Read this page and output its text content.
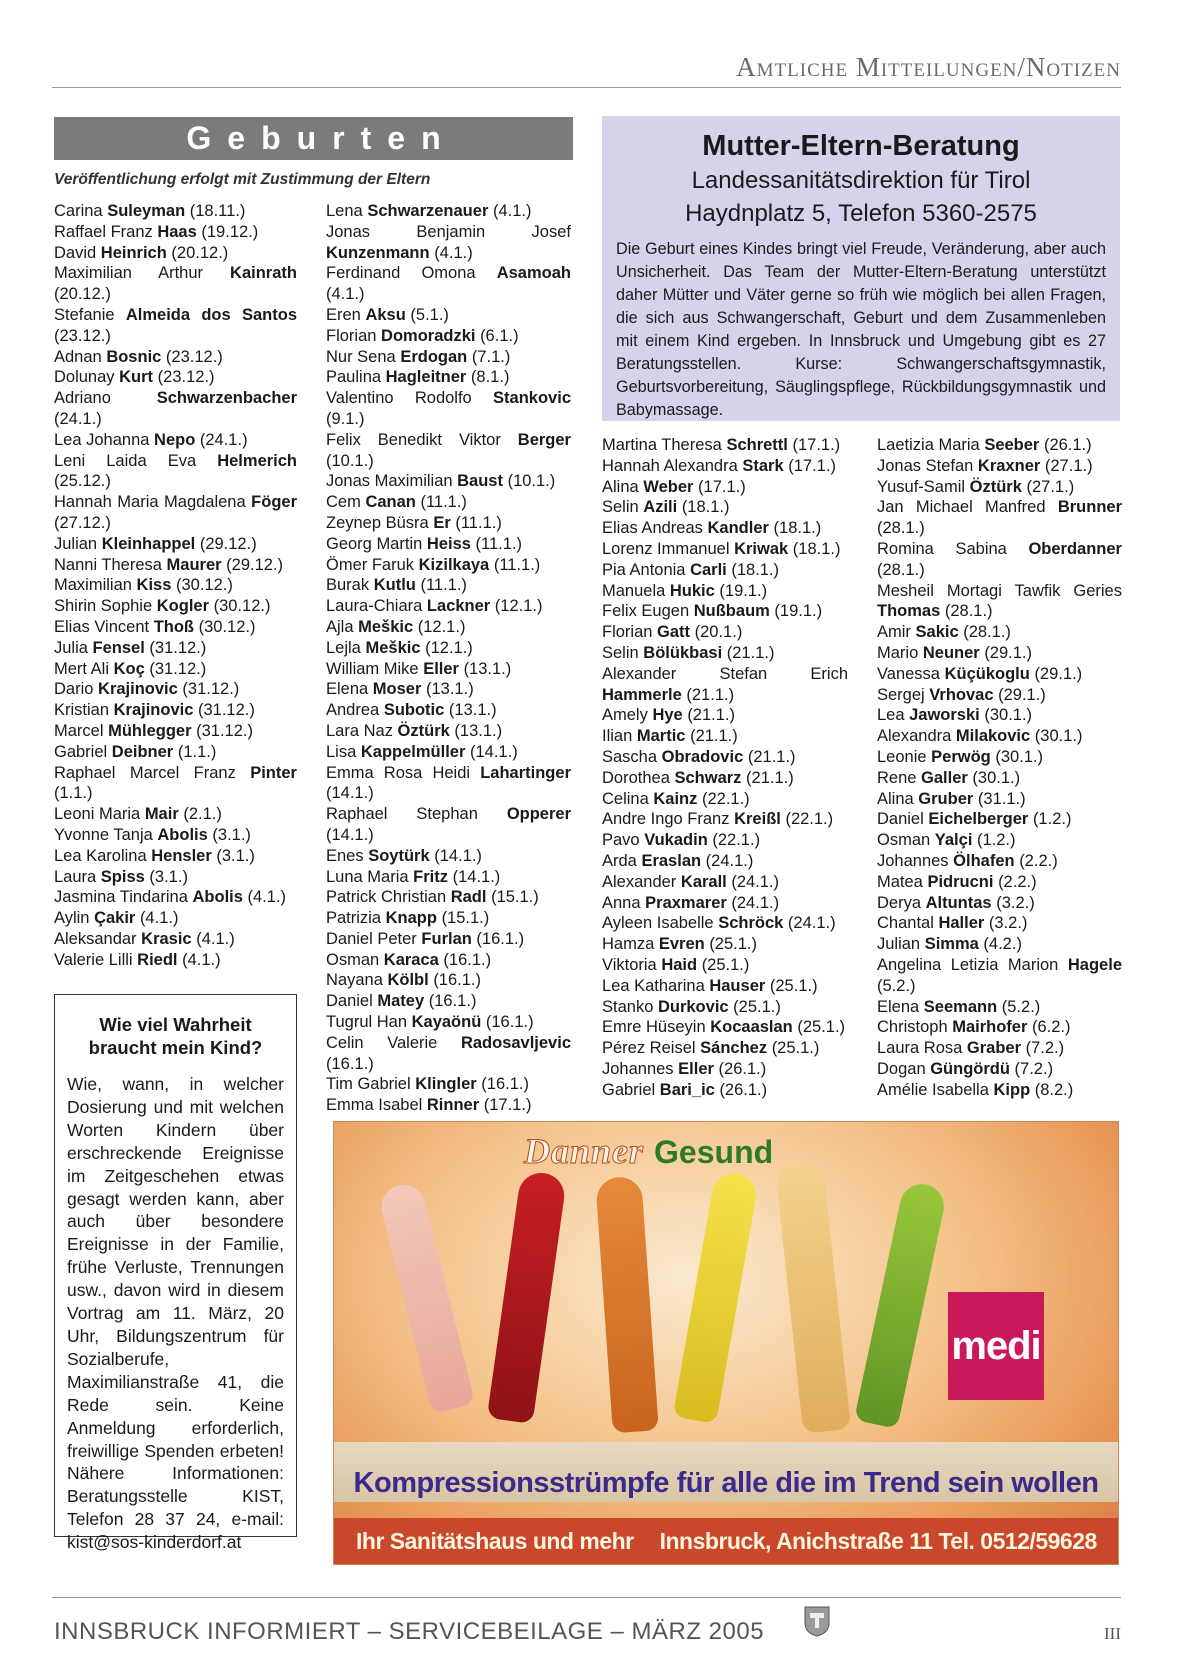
Amtliche Mitteilungen/Notizen
Geburten
Veröffentlichung erfolgt mit Zustimmung der Eltern
Carina Suleyman (18.11.)
Raffael Franz Haas (19.12.)
David Heinrich (20.12.)
Maximilian Arthur Kainrath (20.12.)
Stefanie Almeida dos Santos (23.12.)
Adnan Bosnic (23.12.)
Dolunay Kurt (23.12.)
Adriano	Schwarzenbacher (24.1.)
Lea Johanna Nepo (24.1.)
Leni Laida Eva Helmerich (25.12.)
Hannah Maria Magdalena Föger (27.12.)
Julian Kleinhappel (29.12.)
Nanni Theresa Maurer (29.12.)
Maximilian Kiss (30.12.)
Shirin Sophie Kogler (30.12.)
Elias Vincent Thoß (30.12.)
Julia Fensel (31.12.)
Mert Ali Koç (31.12.)
Dario Krajinovic (31.12.)
Kristian Krajinovic (31.12.)
Marcel Mühlegger (31.12.)
Gabriel Deibner (1.1.)
Raphael Marcel Franz Pinter (1.1.)
Leoni Maria Mair (2.1.)
Yvonne Tanja Abolis (3.1.)
Lea Karolina Hensler (3.1.)
Laura Spiss (3.1.)
Jasmina Tindarina Abolis (4.1.)
Aylin Çakir (4.1.)
Aleksandar Krasic (4.1.)
Valerie Lilli Riedl (4.1.)
Lena Schwarzenauer (4.1.)
Jonas Benjamin Josef Kunzenmann (4.1.)
Ferdinand Omona Asamoah (4.1.)
Eren Aksu (5.1.)
Florian Domoradzki (6.1.)
Nur Sena Erdogan (7.1.)
Paulina Hagleitner (8.1.)
Valentino Rodolfo Stankovic (9.1.)
Felix Benedikt Viktor Berger (10.1.)
Jonas Maximilian Baust (10.1.)
Cem Canan (11.1.)
Zeynep Büsra Er (11.1.)
Georg Martin Heiss (11.1.)
Ömer Faruk Kizilkaya (11.1.)
Burak Kutlu (11.1.)
Laura-Chiara Lackner (12.1.)
Ajla Meškic (12.1.)
Lejla Meškic (12.1.)
William Mike Eller (13.1.)
Elena Moser (13.1.)
Andrea Subotic (13.1.)
Lara Naz Öztürk (13.1.)
Lisa Kappelmüller (14.1.)
Emma Rosa Heidi Lahartinger (14.1.)
Raphael Stephan Opperer (14.1.)
Enes Soytürk (14.1.)
Luna Maria Fritz (14.1.)
Patrick Christian Radl (15.1.)
Patrizia Knapp (15.1.)
Daniel Peter Furlan (16.1.)
Osman Karaca (16.1.)
Nayana Kölbl (16.1.)
Daniel Matey (16.1.)
Tugrul Han Kayaönü (16.1.)
Celin Valerie Radosavljevic (16.1.)
Tim Gabriel Klingler (16.1.)
Emma Isabel Rinner (17.1.)
Martina Theresa Schrettl (17.1.)
Hannah Alexandra Stark (17.1.)
Alina Weber (17.1.)
Selin Azili (18.1.)
Elias Andreas Kandler (18.1.)
Lorenz Immanuel Kriwak (18.1.)
Pia Antonia Carli (18.1.)
Manuela Hukic (19.1.)
Felix Eugen Nußbaum (19.1.)
Florian Gatt (20.1.)
Selin Bölükbasi (21.1.)
Alexander Stefan Erich Hammerle (21.1.)
Amely Hye (21.1.)
Ilian Martic (21.1.)
Sascha Obradovic (21.1.)
Dorothea Schwarz (21.1.)
Celina Kainz (22.1.)
Andre Ingo Franz Kreißl (22.1.)
Pavo Vukadin (22.1.)
Arda Eraslan (24.1.)
Alexander Karall (24.1.)
Anna Praxmarer (24.1.)
Ayleen Isabelle Schröck (24.1.)
Hamza Evren (25.1.)
Viktoria Haid (25.1.)
Lea Katharina Hauser (25.1.)
Stanko Durkovic (25.1.)
Emre Hüseyin Kocaaslan (25.1.)
Pérez Reisel Sánchez (25.1.)
Johannes Eller (26.1.)
Gabriel Bari_ic (26.1.)
Laetizia Maria Seeber (26.1.)
Jonas Stefan Kraxner (27.1.)
Yusuf-Samil Öztürk (27.1.)
Jan Michael Manfred Brunner (28.1.)
Romina Sabina Oberdanner (28.1.)
Mesheil Mortagi Tawfik Geries Thomas (28.1.)
Amir Sakic (28.1.)
Mario Neuner (29.1.)
Vanessa Küçükoglu (29.1.)
Sergej Vrhovac (29.1.)
Lea Jaworski (30.1.)
Alexandra Milakovic (30.1.)
Leonie Perwög (30.1.)
Rene Galler (30.1.)
Alina Gruber (31.1.)
Daniel Eichelberger (1.2.)
Osman Yalçi (1.2.)
Johannes Ölhafen (2.2.)
Matea Pidrucni (2.2.)
Derya Altuntas (3.2.)
Chantal Haller (3.2.)
Julian Simma (4.2.)
Angelina Letizia Marion Hagele (5.2.)
Elena Seemann (5.2.)
Christoph Mairhofer (6.2.)
Laura Rosa Graber (7.2.)
Dogan Güngördü (7.2.)
Amélie Isabella Kipp (8.2.)
Wie viel Wahrheit braucht mein Kind?

Wie, wann, in welcher Dosierung und mit welchen Worten Kindern über erschreckende Ereignisse im Zeitgeschehen etwas gesagt werden kann, aber auch über besondere Ereignisse in der Familie, frühe Verluste, Trennungen usw., davon wird in diesem Vortrag am 11. März, 20 Uhr, Bildungszentrum für Sozialberufe, Maximilianstraße 41, die Rede sein. Keine Anmeldung erforderlich, freiwillige Spenden erbeten! Nähere Informationen: Beratungsstelle KIST, Telefon 28 37 24, e-mail: kist@sos-kinderdorf.at

Mutter-Eltern-Beratung
Landessanitätsdirektion für Tirol
Haydnplatz 5, Telefon 5360-2575

Die Geburt eines Kindes bringt viel Freude, Veränderung, aber auch Unsicherheit. Das Team der Mutter-Eltern-Beratung unterstützt daher Mütter und Väter gerne so früh wie möglich bei allen Fragen, die sich aus Schwangerschaft, Geburt und dem Zusammenleben mit einem Kind ergeben. In Innsbruck und Umgebung gibt es 27 Beratungsstellen. Kurse: Schwangerschaftsgymnastik, Geburtsvorbereitung, Säuglingspflege, Rückbildungsgymnastik und Babymassage.

Danner Gesund
medi
Kompressionsstrümpfe für alle die im Trend sein wollen
Ihr Sanitätshaus und mehr Innsbruck, Anichstraße 11 Tel. 0512/59628
INNSBRUCK INFORMIERT – SERVICEBEILAGE – MÄRZ 2005	III
